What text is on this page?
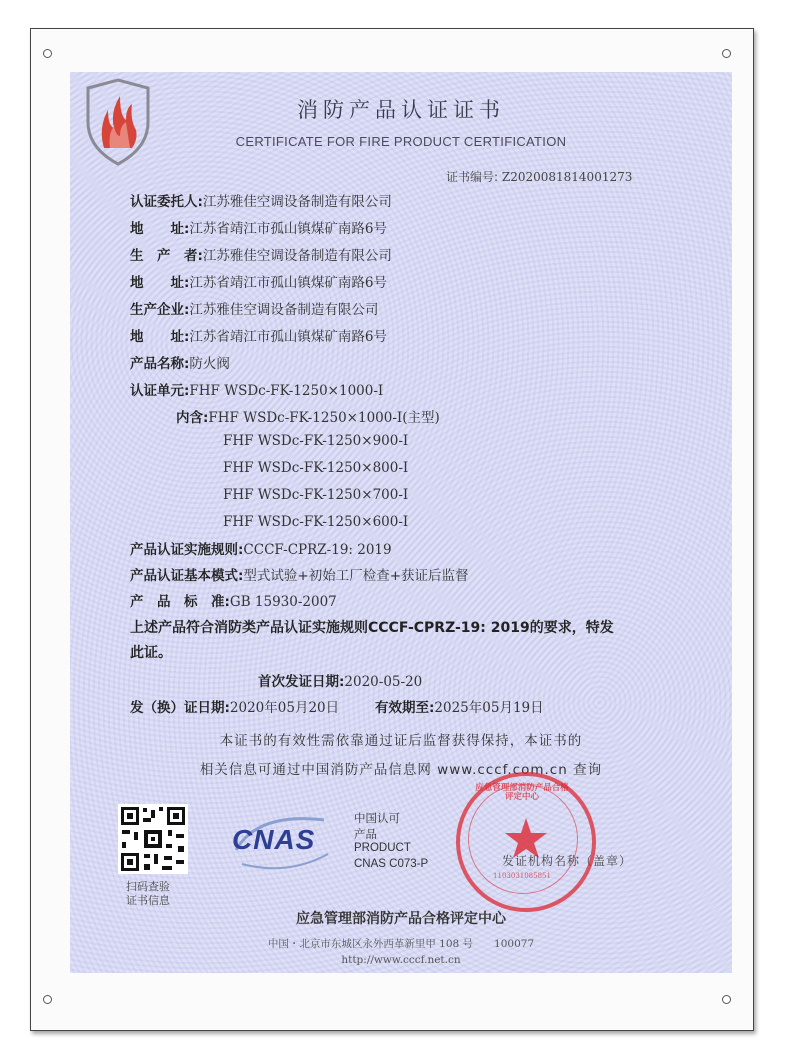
消防产品认证证书
CERTIFICATE FOR FIRE PRODUCT CERTIFICATION
证书编号: Z2020081814001273
认证委托人:江苏雅佳空调设备制造有限公司
地　　址:江苏省靖江市孤山镇煤矿南路6号
生　产　者:江苏雅佳空调设备制造有限公司
地　　址:江苏省靖江市孤山镇煤矿南路6号
生产企业:江苏雅佳空调设备制造有限公司
地　　址:江苏省靖江市孤山镇煤矿南路6号
产品名称:防火阀
认证单元:FHF WSDc-FK-1250×1000-I
内含:FHF WSDc-FK-1250×1000-I(主型)
FHF WSDc-FK-1250×900-I
FHF WSDc-FK-1250×800-I
FHF WSDc-FK-1250×700-I
FHF WSDc-FK-1250×600-I
产品认证实施规则:CCCF-CPRZ-19: 2019
产品认证基本模式:型式试验+初始工厂检查+获证后监督
产　品　标　准:GB 15930-2007
上述产品符合消防类产品认证实施规则CCCF-CPRZ-19: 2019的要求，特发
此证。
首次发证日期:2020-05-20
发（换）证日期:2020年05月20日	有效期至:2025年05月19日
本证书的有效性需依靠通过证后监督获得保持，本证书的
相关信息可通过中国消防产品信息网 www.cccf.com.cn 查询
扫码查验
证书信息
CNAS
中国认可
产品
PRODUCT
CNAS C073-P
应急管理部消防产品合格评定中心
1103031085851
发证机构名称（盖章）
应急管理部消防产品合格评定中心
中国・北京市东城区永外西革新里甲 108 号　　100077
http://www.cccf.net.cn
